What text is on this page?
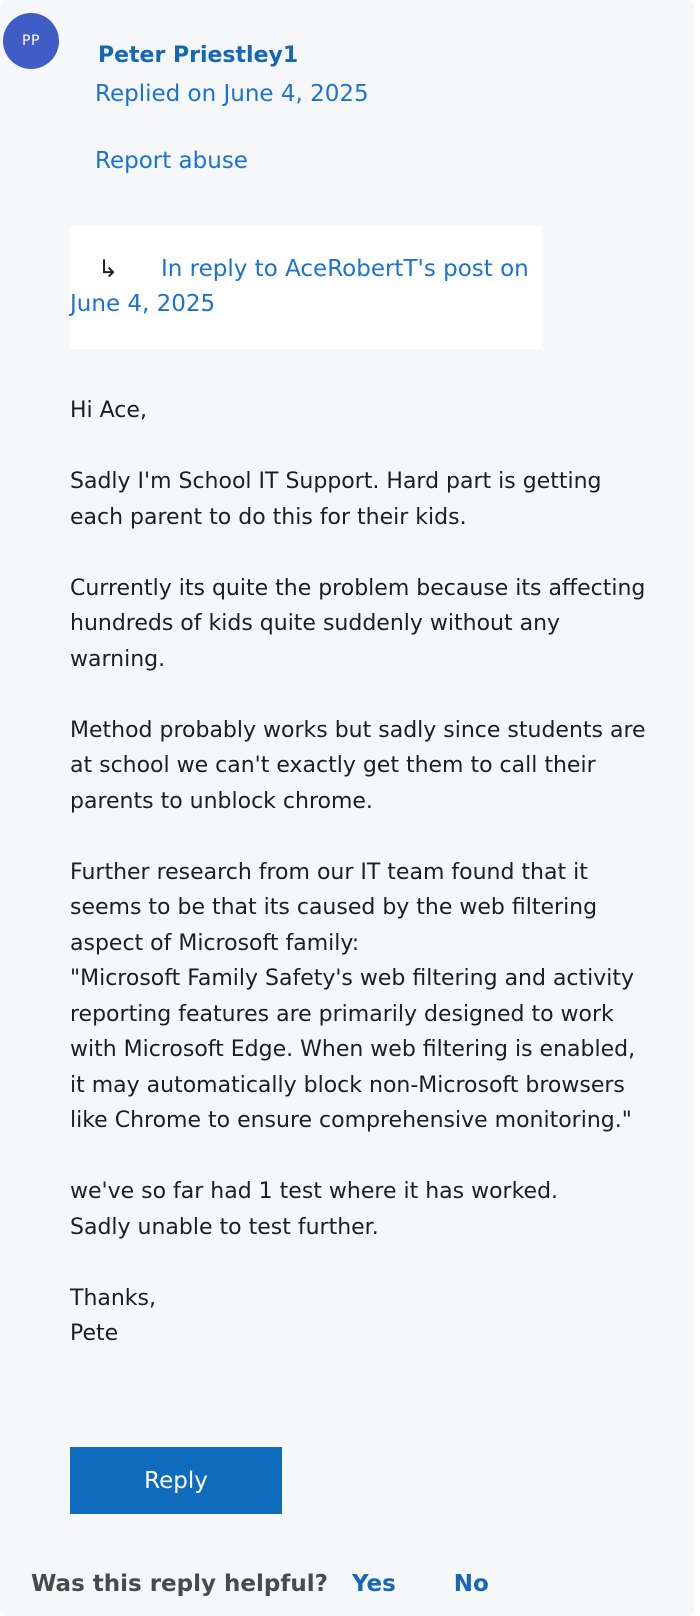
PP
Peter Priestley1
Replied on June 4, 2025
Report abuse
↳	In reply to AceRobertT's post on June 4, 2025

Hi Ace,

Sadly I'm School IT Support. Hard part is getting each parent to do this for their kids.

Currently its quite the problem because its affecting hundreds of kids quite suddenly without any warning.

Method probably works but sadly since students are at school we can't exactly get them to call their parents to unblock chrome.

Further research from our IT team found that it seems to be that its caused by the web filtering aspect of Microsoft family:
"Microsoft Family Safety's web filtering and activity reporting features are primarily designed to work with Microsoft Edge. When web filtering is enabled, it may automatically block non-Microsoft browsers like Chrome to ensure comprehensive monitoring."

we've so far had 1 test where it has worked.
Sadly unable to test further.

Thanks,
Pete

Reply
Was this reply helpful? Yes	No
